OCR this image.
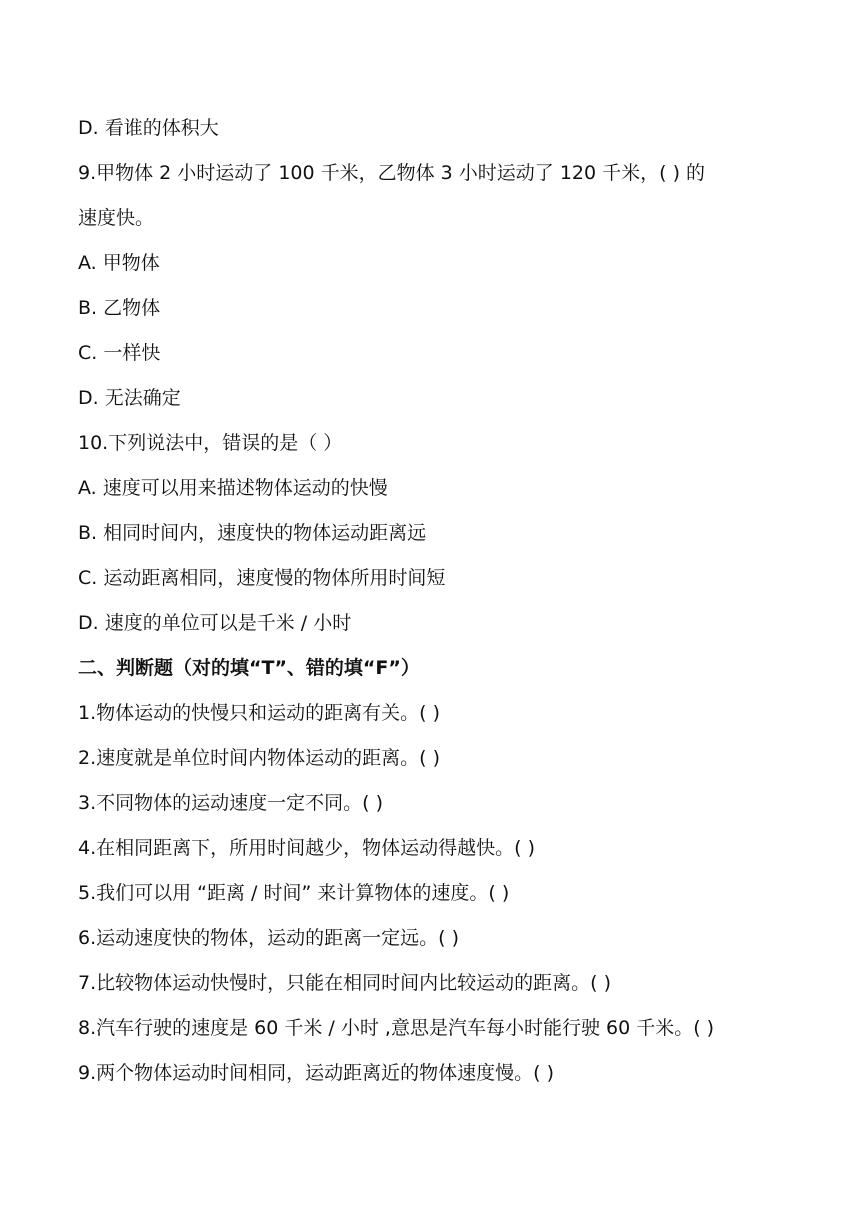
D. 看谁的体积大
9.甲物体 2 小时运动了 100 千米，乙物体 3 小时运动了 120 千米，( ) 的
速度快。
A. 甲物体
B. 乙物体
C. 一样快
D. 无法确定
10.下列说法中，错误的是（ ）
A. 速度可以用来描述物体运动的快慢
B. 相同时间内，速度快的物体运动距离远
C. 运动距离相同，速度慢的物体所用时间短
D. 速度的单位可以是千米 / 小时
二、判断题（对的填“T”、错的填“F”）
1.物体运动的快慢只和运动的距离有关。( )
2.速度就是单位时间内物体运动的距离。( )
3.不同物体的运动速度一定不同。( )
4.在相同距离下，所用时间越少，物体运动得越快。( )
5.我们可以用 “距离 / 时间” 来计算物体的速度。( )
6.运动速度快的物体，运动的距离一定远。( )
7.比较物体运动快慢时，只能在相同时间内比较运动的距离。( )
8.汽车行驶的速度是 60 千米 / 小时 ,意思是汽车每小时能行驶 60 千米。( )
9.两个物体运动时间相同，运动距离近的物体速度慢。( )
